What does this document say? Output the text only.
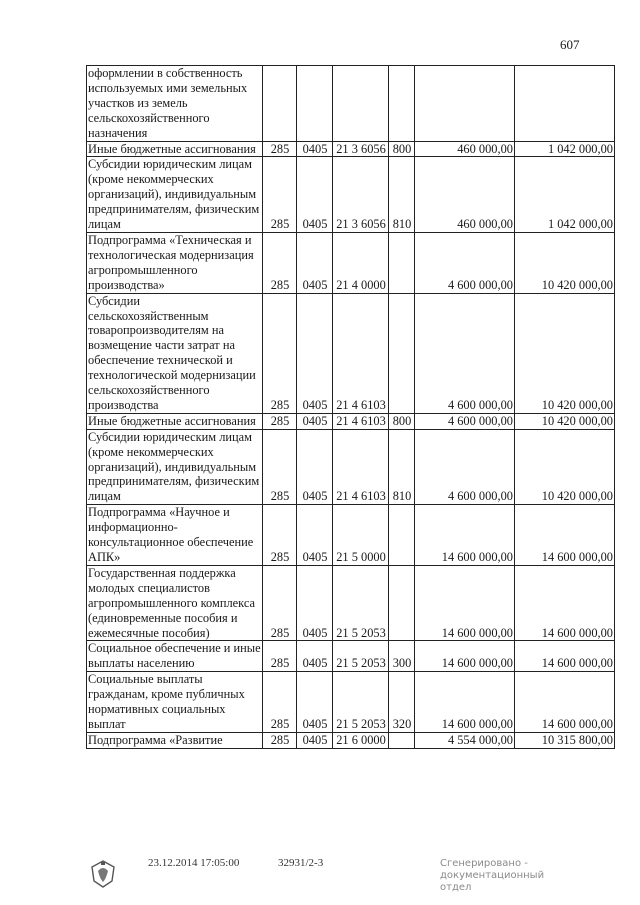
607
оформлении в собственность используемых ими земельных участков из земель сельскохозяйственного назначения						
Иные бюджетные ассигнования	285	0405	21 3 6056	800	460 000,00	1 042 000,00
Субсидии юридическим лицам (кроме некоммерческих организаций), индивидуальным предпринимателям, физическим лицам	285	0405	21 3 6056	810	460 000,00	1 042 000,00
Подпрограмма «Техническая и технологическая модернизация агропромышленного производства»	285	0405	21 4 0000		4 600 000,00	10 420 000,00
Субсидии сельскохозяйственным товаропроизводителям на возмещение части затрат на обеспечение технической и технологической модернизации сельскохозяйственного производства	285	0405	21 4 6103		4 600 000,00	10 420 000,00
Иные бюджетные ассигнования	285	0405	21 4 6103	800	4 600 000,00	10 420 000,00
Субсидии юридическим лицам (кроме некоммерческих организаций), индивидуальным предпринимателям, физическим лицам	285	0405	21 4 6103	810	4 600 000,00	10 420 000,00
Подпрограмма «Научное и информационно-консультационное обеспечение АПК»	285	0405	21 5 0000		14 600 000,00	14 600 000,00
Государственная поддержка молодых специалистов агропромышленного комплекса (единовременные пособия и ежемесячные пособия)	285	0405	21 5 2053		14 600 000,00	14 600 000,00
Социальное обеспечение и иные выплаты населению	285	0405	21 5 2053	300	14 600 000,00	14 600 000,00
Социальные выплаты гражданам, кроме публичных нормативных социальных выплат	285	0405	21 5 2053	320	14 600 000,00	14 600 000,00
Подпрограмма «Развитие	285	0405	21 6 0000		4 554 000,00	10 315 800,00
23.12.2014 17:05:00	32931/2-3	Сгенерировано - документационный отдел
